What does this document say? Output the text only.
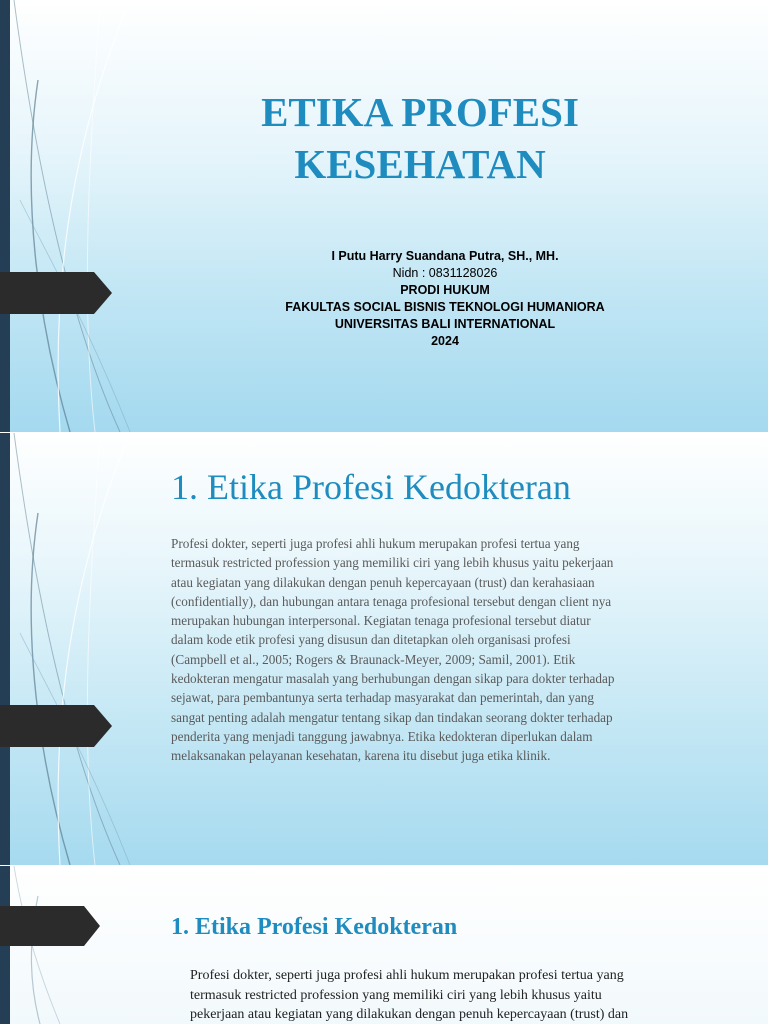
ETIKA PROFESI
KESEHATAN
I Putu Harry Suandana Putra, SH., MH.
Nidn : 0831128026
PRODI HUKUM
FAKULTAS SOCIAL BISNIS TEKNOLOGI HUMANIORA
UNIVERSITAS BALI INTERNATIONAL
2024
1. Etika Profesi Kedokteran

Profesi dokter, seperti juga profesi ahli hukum merupakan profesi tertua yang
termasuk restricted profession yang memiliki ciri yang lebih khusus yaitu pekerjaan
atau kegiatan yang dilakukan dengan penuh kepercayaan (trust) dan kerahasiaan
(confidentially), dan hubungan antara tenaga profesional tersebut dengan client nya
merupakan hubungan interpersonal. Kegiatan tenaga profesional tersebut diatur
dalam kode etik profesi yang disusun dan ditetapkan oleh organisasi profesi
(Campbell et al., 2005; Rogers & Braunack-Meyer, 2009; Samil, 2001). Etik
kedokteran mengatur masalah yang berhubungan dengan sikap para dokter terhadap
sejawat, para pembantunya serta terhadap masyarakat dan pemerintah, dan yang
sangat penting adalah mengatur tentang sikap dan tindakan seorang dokter terhadap
penderita yang menjadi tanggung jawabnya. Etika kedokteran diperlukan dalam
melaksanakan pelayanan kesehatan, karena itu disebut juga etika klinik.

1. Etika Profesi Kedokteran

Profesi dokter, seperti juga profesi ahli hukum merupakan profesi tertua yang
termasuk restricted profession yang memiliki ciri yang lebih khusus yaitu
pekerjaan atau kegiatan yang dilakukan dengan penuh kepercayaan (trust) dan
